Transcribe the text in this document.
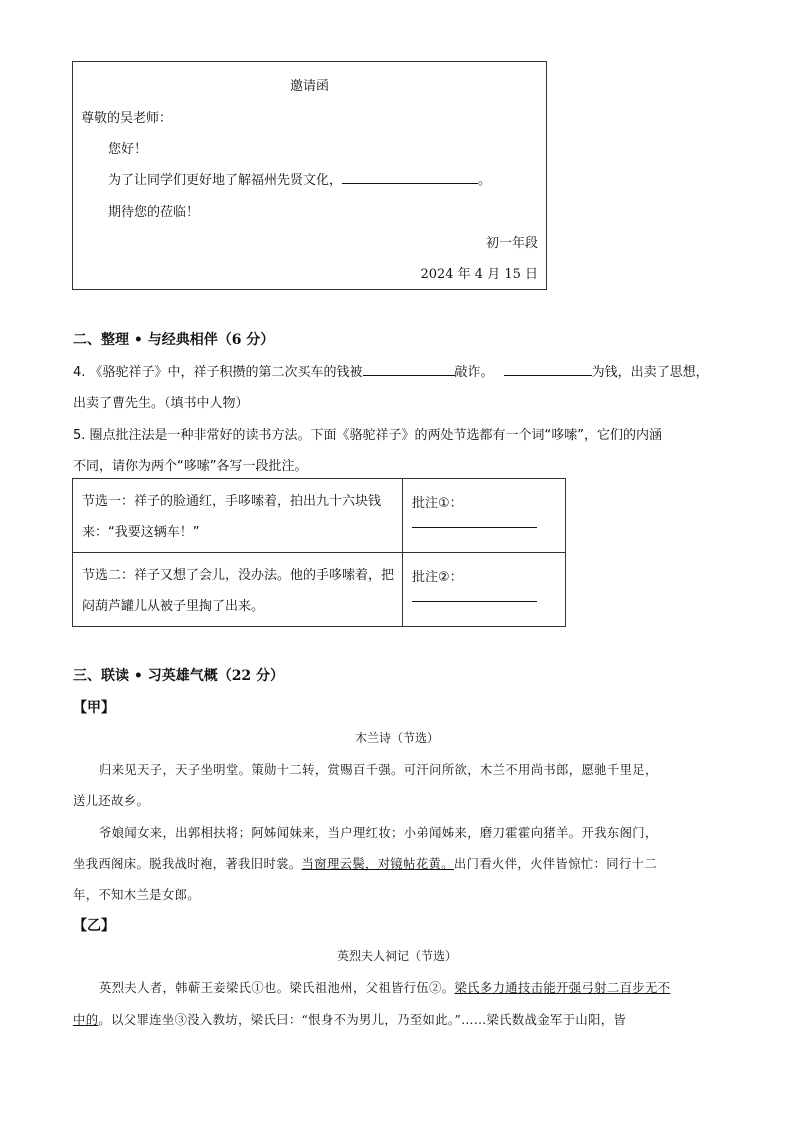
邀请函
尊敬的吴老师：
您好！
为了让同学们更好地了解福州先贤文化，	。
期待您的莅临！
初一年段
2024 年 4 月 15 日
二、整理 • 与经典相伴（6 分）
4. 《骆驼祥子》中，祥子积攒的第二次买车的钱被	敲诈。	为钱，出卖了思想，
出卖了曹先生。（填书中人物）
5. 圈点批注法是一种非常好的读书方法。下面《骆驼祥子》的两处节选都有一个词“哆嗦”，它们的内涵
不同，请你为两个“哆嗦”各写一段批注。
节选一：祥子的脸通红，手哆嗦着，拍出九十六块钱来：“我要这辆车！”	批注①：

节选二：祥子又想了会儿，没办法。他的手哆嗦着，把闷葫芦罐儿从被子里掏了出来。	批注②：
三、联读 • 习英雄气概（22 分）
【甲】
木兰诗（节选）
归来见天子，天子坐明堂。策勋十二转，赏赐百千强。可汗问所欲，木兰不用尚书郎，愿驰千里足，
送儿还故乡。
爷娘闻女来，出郭相扶将；阿姊闻妹来，当户理红妆；小弟闻姊来，磨刀霍霍向猪羊。开我东阁门，
坐我西阁床。脱我战时袍，著我旧时裳。当窗理云鬓，对镜帖花黄。出门看火伴，火伴皆惊忙：同行十二
年，不知木兰是女郎。
【乙】
英烈夫人祠记（节选）
英烈夫人者，韩蕲王妾梁氏①也。梁氏祖池州，父祖皆行伍②。梁氏多力通技击能开强弓射二百步无不
中的。以父罪连坐③没入教坊，梁氏曰：“恨身不为男儿，乃至如此。”……梁氏数战金军于山阳，皆
